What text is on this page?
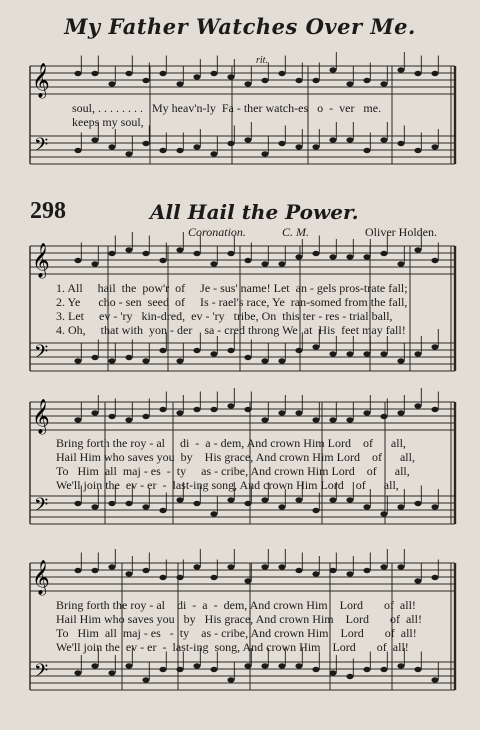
My Father Watches Over Me.
rit.
𝄞
𝄢
𝄞
𝄢
𝄞
𝄢
𝄞
𝄢
soul, . . . . . . . .   My heav'n-ly  Fa - ther watch-es   o  -  ver   me.
keeps my soul,
298	All Hail the Power.
Coronation.	C. M.	Oliver Holden.
1. All     hail  the  pow'r  of     Je - sus' name! Let  an - gels pros-trate fall;
2. Ye      cho - sen  seed  of     Is - rael's race, Ye  ran-somed from the fall,
3. Let     ev - 'ry   kin-dred,  ev - 'ry   tribe, On  this ter - res - trial ball,
4. Oh,     that with  yon - der    sa - cred throng We  at  His  feet may fall!
Bring forth the roy - al     di  -  a - dem, And crown Him Lord    of      all,
Hail Him who saves you  by    His grace, And crown Him Lord    of      all,
To   Him  all  maj - es  -  ty     as - cribe, And crown Him Lord    of      all,
We'll join the  ev - er  -  last-ing song, And crown Him Lord    of      all,
Bring forth the roy - al    di  -  a  -  dem, And crown Him    Lord       of  all!
Hail Him who saves you   by   His grace, And crown Him    Lord       of  all!
To   Him  all  maj - es   -  ty    as - cribe, And crown Him    Lord       of  all!
We'll join the  ev - er  -  last-ing  song, And crown Him    Lord       of  all!
